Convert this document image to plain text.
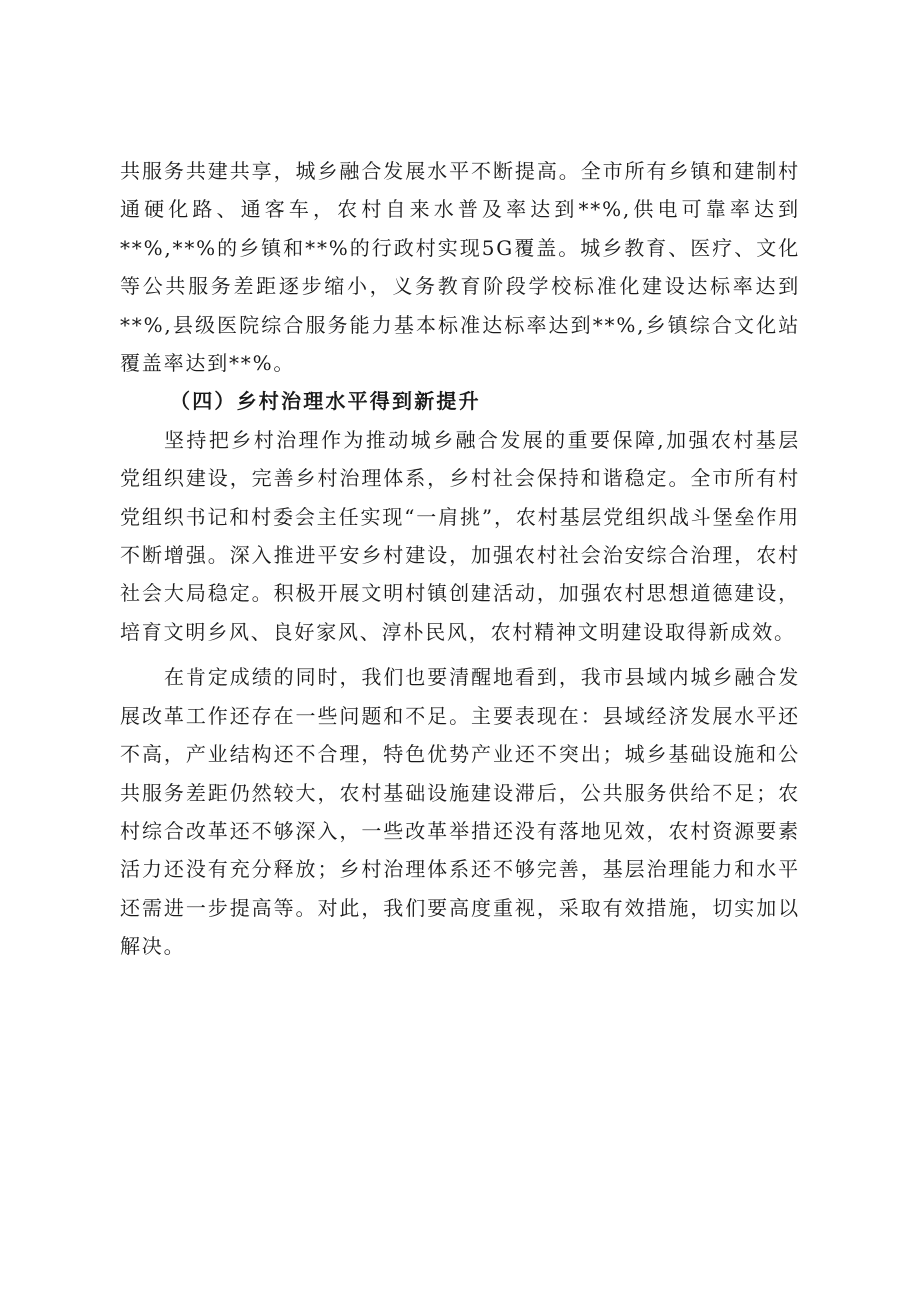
共服务共建共享，城乡融合发展水平不断提高。全市所有乡镇和建制村通硬化路、通客车，农村自来水普及率达到**%,供电可靠率达到**%,**%的乡镇和**%的行政村实现5G覆盖。城乡教育、医疗、文化等公共服务差距逐步缩小，义务教育阶段学校标准化建设达标率达到**%,县级医院综合服务能力基本标准达标率达到**%,乡镇综合文化站覆盖率达到**%。

（四）乡村治理水平得到新提升

坚持把乡村治理作为推动城乡融合发展的重要保障,加强农村基层党组织建设，完善乡村治理体系，乡村社会保持和谐稳定。全市所有村党组织书记和村委会主任实现“一肩挑”，农村基层党组织战斗堡垒作用不断增强。深入推进平安乡村建设，加强农村社会治安综合治理，农村社会大局稳定。积极开展文明村镇创建活动，加强农村思想道德建设，培育文明乡风、良好家风、淳朴民风，农村精神文明建设取得新成效。

在肯定成绩的同时，我们也要清醒地看到，我市县域内城乡融合发展改革工作还存在一些问题和不足。主要表现在：县域经济发展水平还不高，产业结构还不合理，特色优势产业还不突出；城乡基础设施和公共服务差距仍然较大，农村基础设施建设滞后，公共服务供给不足；农村综合改革还不够深入，一些改革举措还没有落地见效，农村资源要素活力还没有充分释放；乡村治理体系还不够完善，基层治理能力和水平还需进一步提高等。对此，我们要高度重视，采取有效措施，切实加以解决。
